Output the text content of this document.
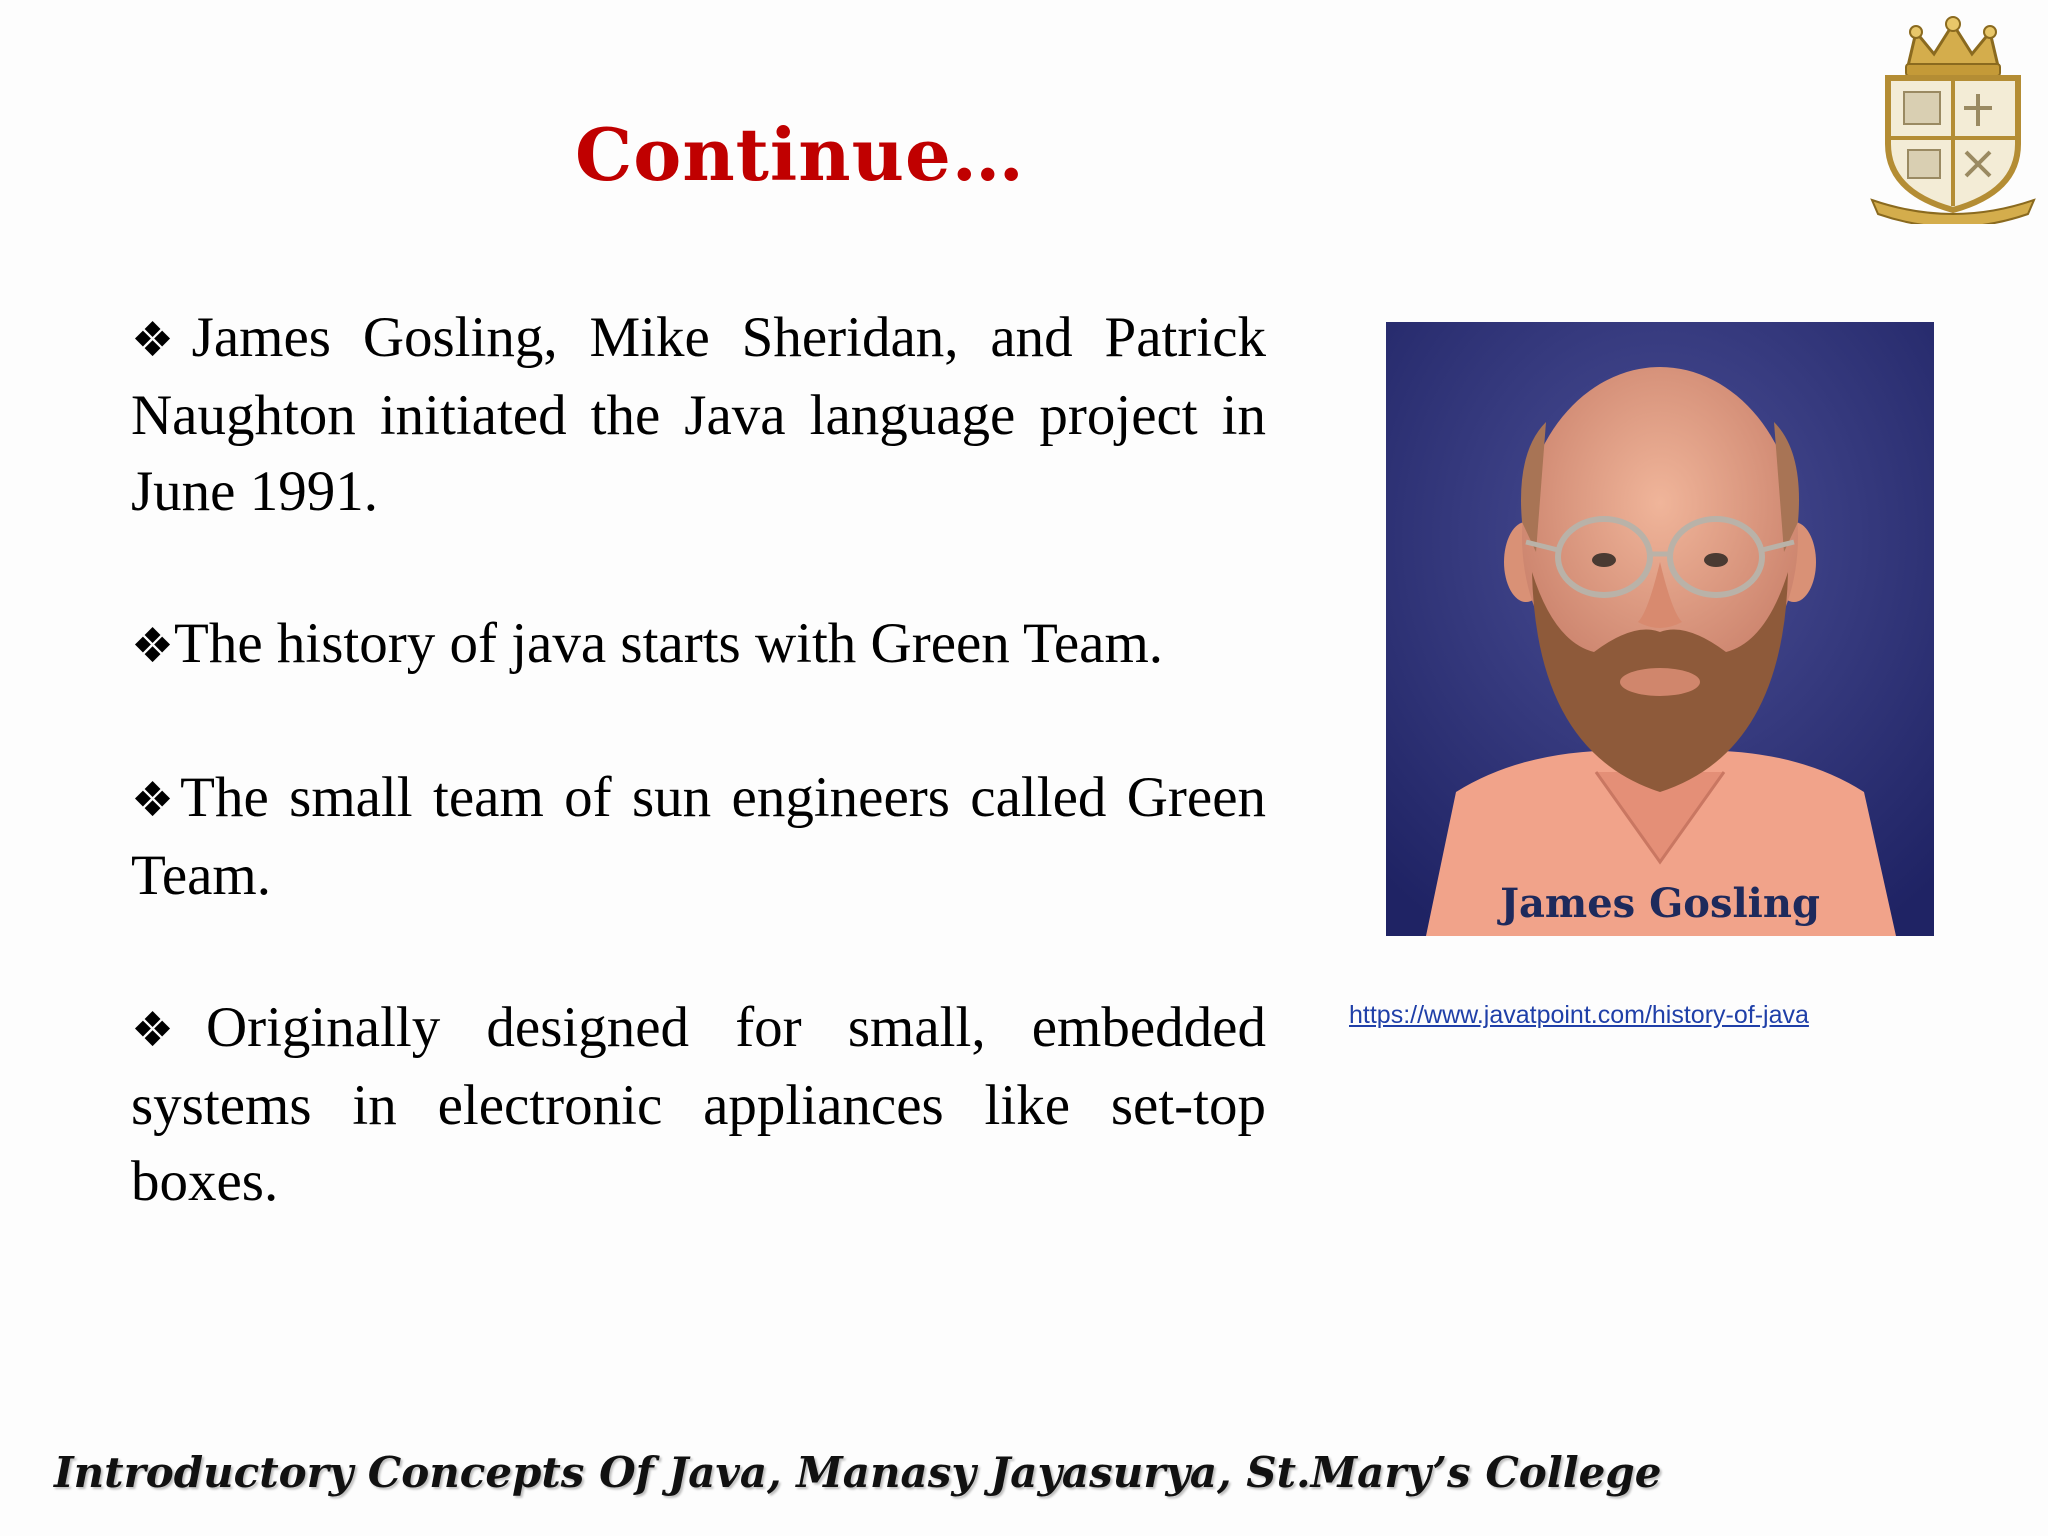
Continue…

❖James Gosling, Mike Sheridan, and Patrick Naughton initiated the Java language project in June 1991.

❖The history of java starts with Green Team.

❖The small team of sun engineers called Green Team.

❖Originally designed for small, embedded systems in electronic appliances like set-top boxes.

James Gosling
https://www.javatpoint.com/history-of-java
Introductory Concepts Of Java, Manasy Jayasurya, St.Mary’s College
